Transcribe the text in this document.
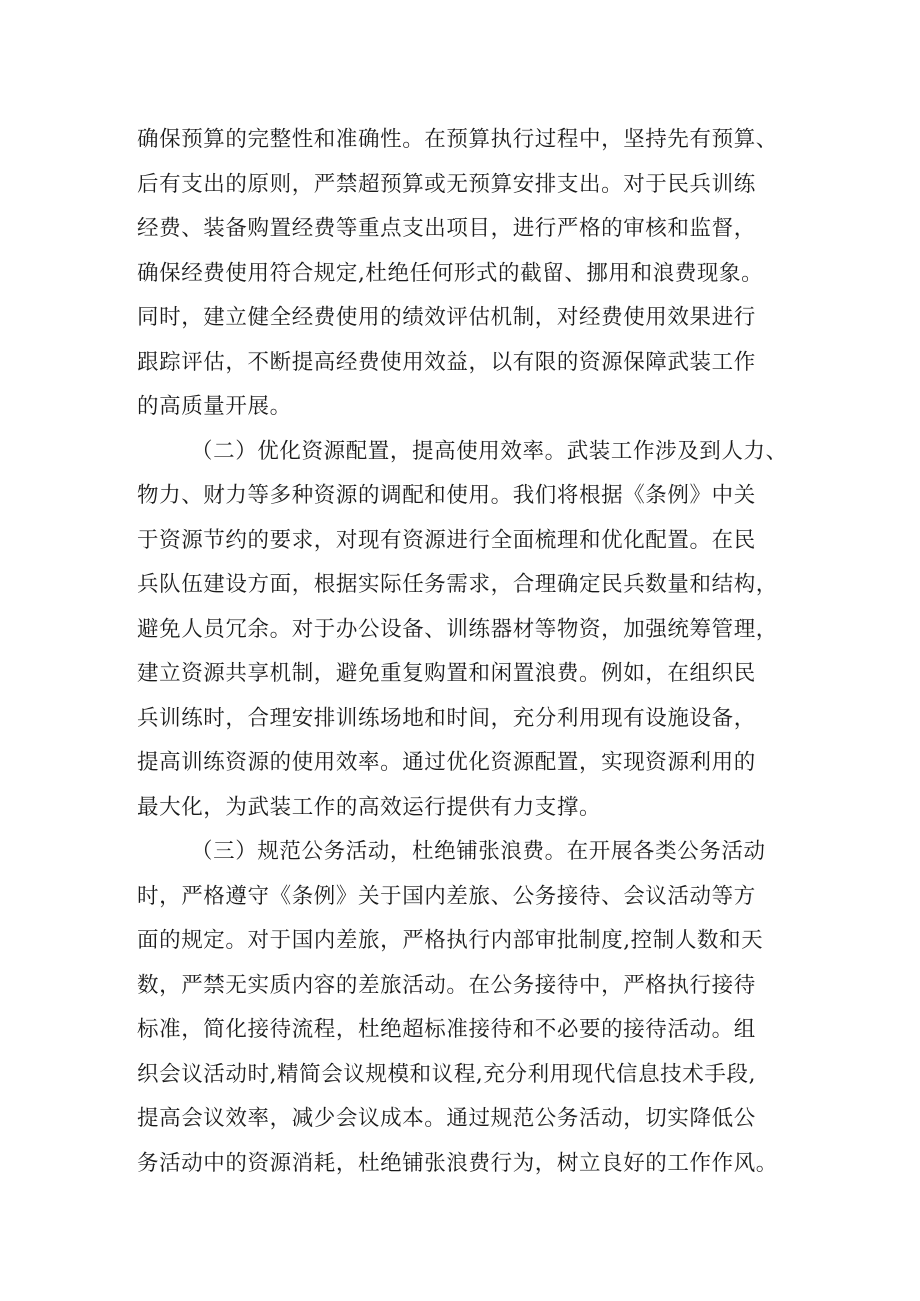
确保预算的完整性和准确性。在预算执行过程中，坚持先有预算、
后有支出的原则，严禁超预算或无预算安排支出。对于民兵训练
经费、装备购置经费等重点支出项目，进行严格的审核和监督，
确保经费使用符合规定,杜绝任何形式的截留、挪用和浪费现象。
同时，建立健全经费使用的绩效评估机制，对经费使用效果进行
跟踪评估，不断提高经费使用效益，以有限的资源保障武装工作
的高质量开展。
（二）优化资源配置，提高使用效率。武装工作涉及到人力、
物力、财力等多种资源的调配和使用。我们将根据《条例》中关
于资源节约的要求，对现有资源进行全面梳理和优化配置。在民
兵队伍建设方面，根据实际任务需求，合理确定民兵数量和结构，
避免人员冗余。对于办公设备、训练器材等物资，加强统筹管理，
建立资源共享机制，避免重复购置和闲置浪费。例如，在组织民
兵训练时，合理安排训练场地和时间，充分利用现有设施设备，
提高训练资源的使用效率。通过优化资源配置，实现资源利用的
最大化，为武装工作的高效运行提供有力支撑。
（三）规范公务活动，杜绝铺张浪费。在开展各类公务活动
时，严格遵守《条例》关于国内差旅、公务接待、会议活动等方
面的规定。对于国内差旅，严格执行内部审批制度,控制人数和天
数，严禁无实质内容的差旅活动。在公务接待中，严格执行接待
标准，简化接待流程，杜绝超标准接待和不必要的接待活动。组
织会议活动时,精简会议规模和议程,充分利用现代信息技术手段,
提高会议效率，减少会议成本。通过规范公务活动，切实降低公
务活动中的资源消耗，杜绝铺张浪费行为，树立良好的工作作风。
